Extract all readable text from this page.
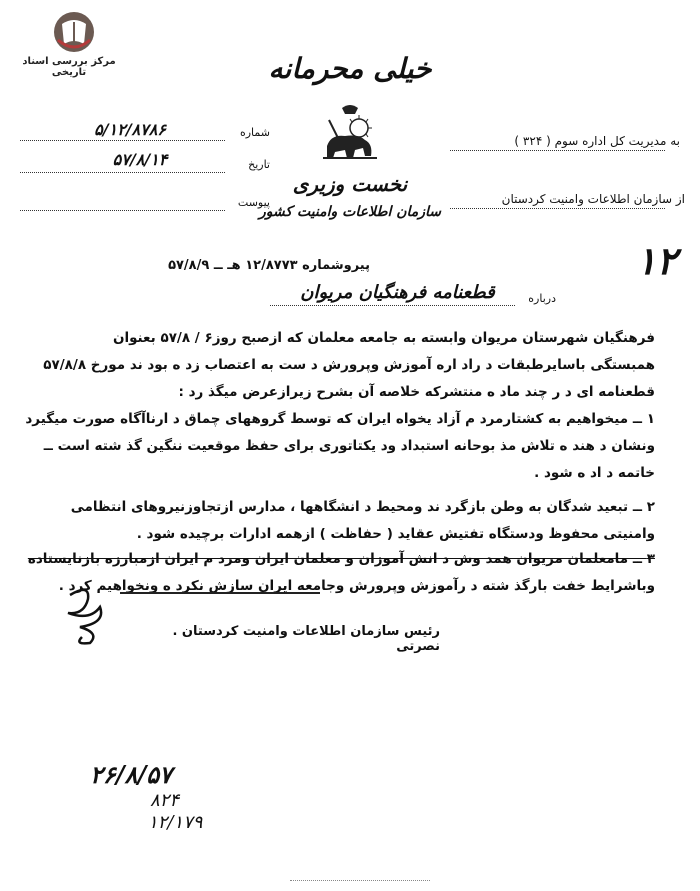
مرکز بررسی اسناد تاریخی	خیلی محرمانه
نخست وزیری
سازمان اطلاعات وامنیت کشور
شماره
۵/۱۲/۸۷۸۶
تاریخ
۵۷/۸/۱۴
پیوست
به مدیریت کل اداره سوم ( ۳۲۴ )
از سازمان اطلاعات وامنیت کردستان
۱۲
پیروشماره ۱۲/۸۷۷۳ هـ ــ ۵۷/۸/۹
درباره
قطعنامه فرهنگیان مریوان
فرهنگیان شهرستان مریوان وابسته به جامعه معلمان که ازصبح روز۶ / ۵۷/۸ بعنوان
همبستگی باسایرطبقات د راد اره آموزش وپرورش د ست به اعتصاب زد ه بود ند مورخ ۵۷/۸/۸
قطعنامه ای د ر چند ماد ه منتشرکه خلاصه آن بشرح زیرازعرض میگذ رد :
۱ ــ میخواهیم به کشتارمرد م آزاد یخواه ایران که توسط گروههای چماق د ارناآگاه صورت میگیرد
ونشان د هند ه تلاش مذ بوحانه استبداد ود یکتاتوری برای حفظ موقعیت ننگین گذ شته است ــ
خاتمه د اد ه شود .
۲ ــ تبعید شدگان به وطن بازگرد ند ومحیط د انشگاهها ، مدارس ازتجاوزنیروهای انتظامی
وامنیتی محفوظ ودستگاه تفتیش عقاید ( حفاظت ) ازهمه ادارات برچیده شود .
۳ ــ مامعلمان مریوان همد وش د انش آموزان و معلمان ایران ومرد م ایران ازمبارزه بازنایستاده
وباشرایط خفت بارگذ شته د رآموزش وپرورش وجامعه ایران سازش نکرد ه ونخواهیم کرد .
رئیس سازمان اطلاعات وامنیت کردستان . نصرتی
۲۶/۸/۵۷
۸۲۴
۱۲/۱۷۹
